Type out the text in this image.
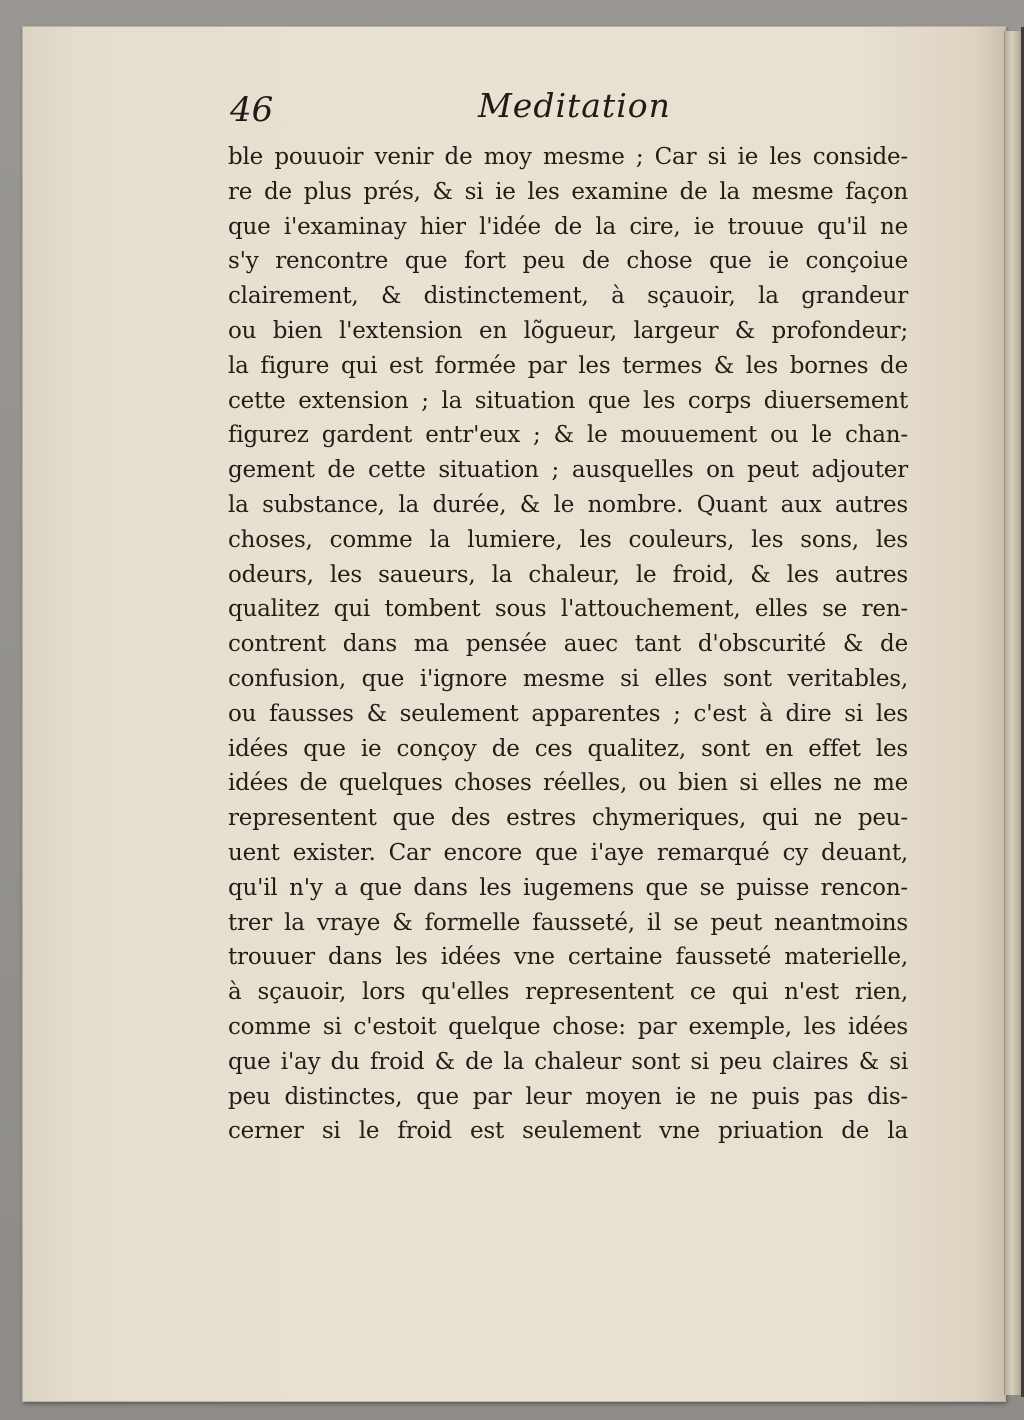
46	Meditation
ble pouuoir venir de moy mesme ; Car si ie les conside-
re de plus prés, & si ie les examine de la mesme façon
que i'examinay hier l'idée de la cire, ie trouue qu'il ne
s'y rencontre que fort peu de chose que ie conçoiue
clairement, & distinctement, à sçauoir, la grandeur
ou bien l'extension en lõgueur, largeur & profondeur;
la figure qui est formée par les termes & les bornes de
cette extension ; la situation que les corps diuersement
figurez gardent entr'eux ; & le mouuement ou le chan-
gement de cette situation ; ausquelles on peut adjouter
la substance, la durée, & le nombre. Quant aux autres
choses, comme la lumiere, les couleurs, les sons, les
odeurs, les saueurs, la chaleur, le froid, & les autres
qualitez qui tombent sous l'attouchement, elles se ren-
contrent dans ma pensée auec tant d'obscurité & de
confusion, que i'ignore mesme si elles sont veritables,
ou fausses & seulement apparentes ; c'est à dire si les
idées que ie conçoy de ces qualitez, sont en effet les
idées de quelques choses réelles, ou bien si elles ne me
representent que des estres chymeriques, qui ne peu-
uent exister. Car encore que i'aye remarqué cy deuant,
qu'il n'y a que dans les iugemens que se puisse rencon-
trer la vraye & formelle fausseté, il se peut neantmoins
trouuer dans les idées vne certaine fausseté materielle,
à sçauoir, lors qu'elles representent ce qui n'est rien,
comme si c'estoit quelque chose: par exemple, les idées
que i'ay du froid & de la chaleur sont si peu claires & si
peu distinctes, que par leur moyen ie ne puis pas dis-
cerner si le froid est seulement vne priuation de la
